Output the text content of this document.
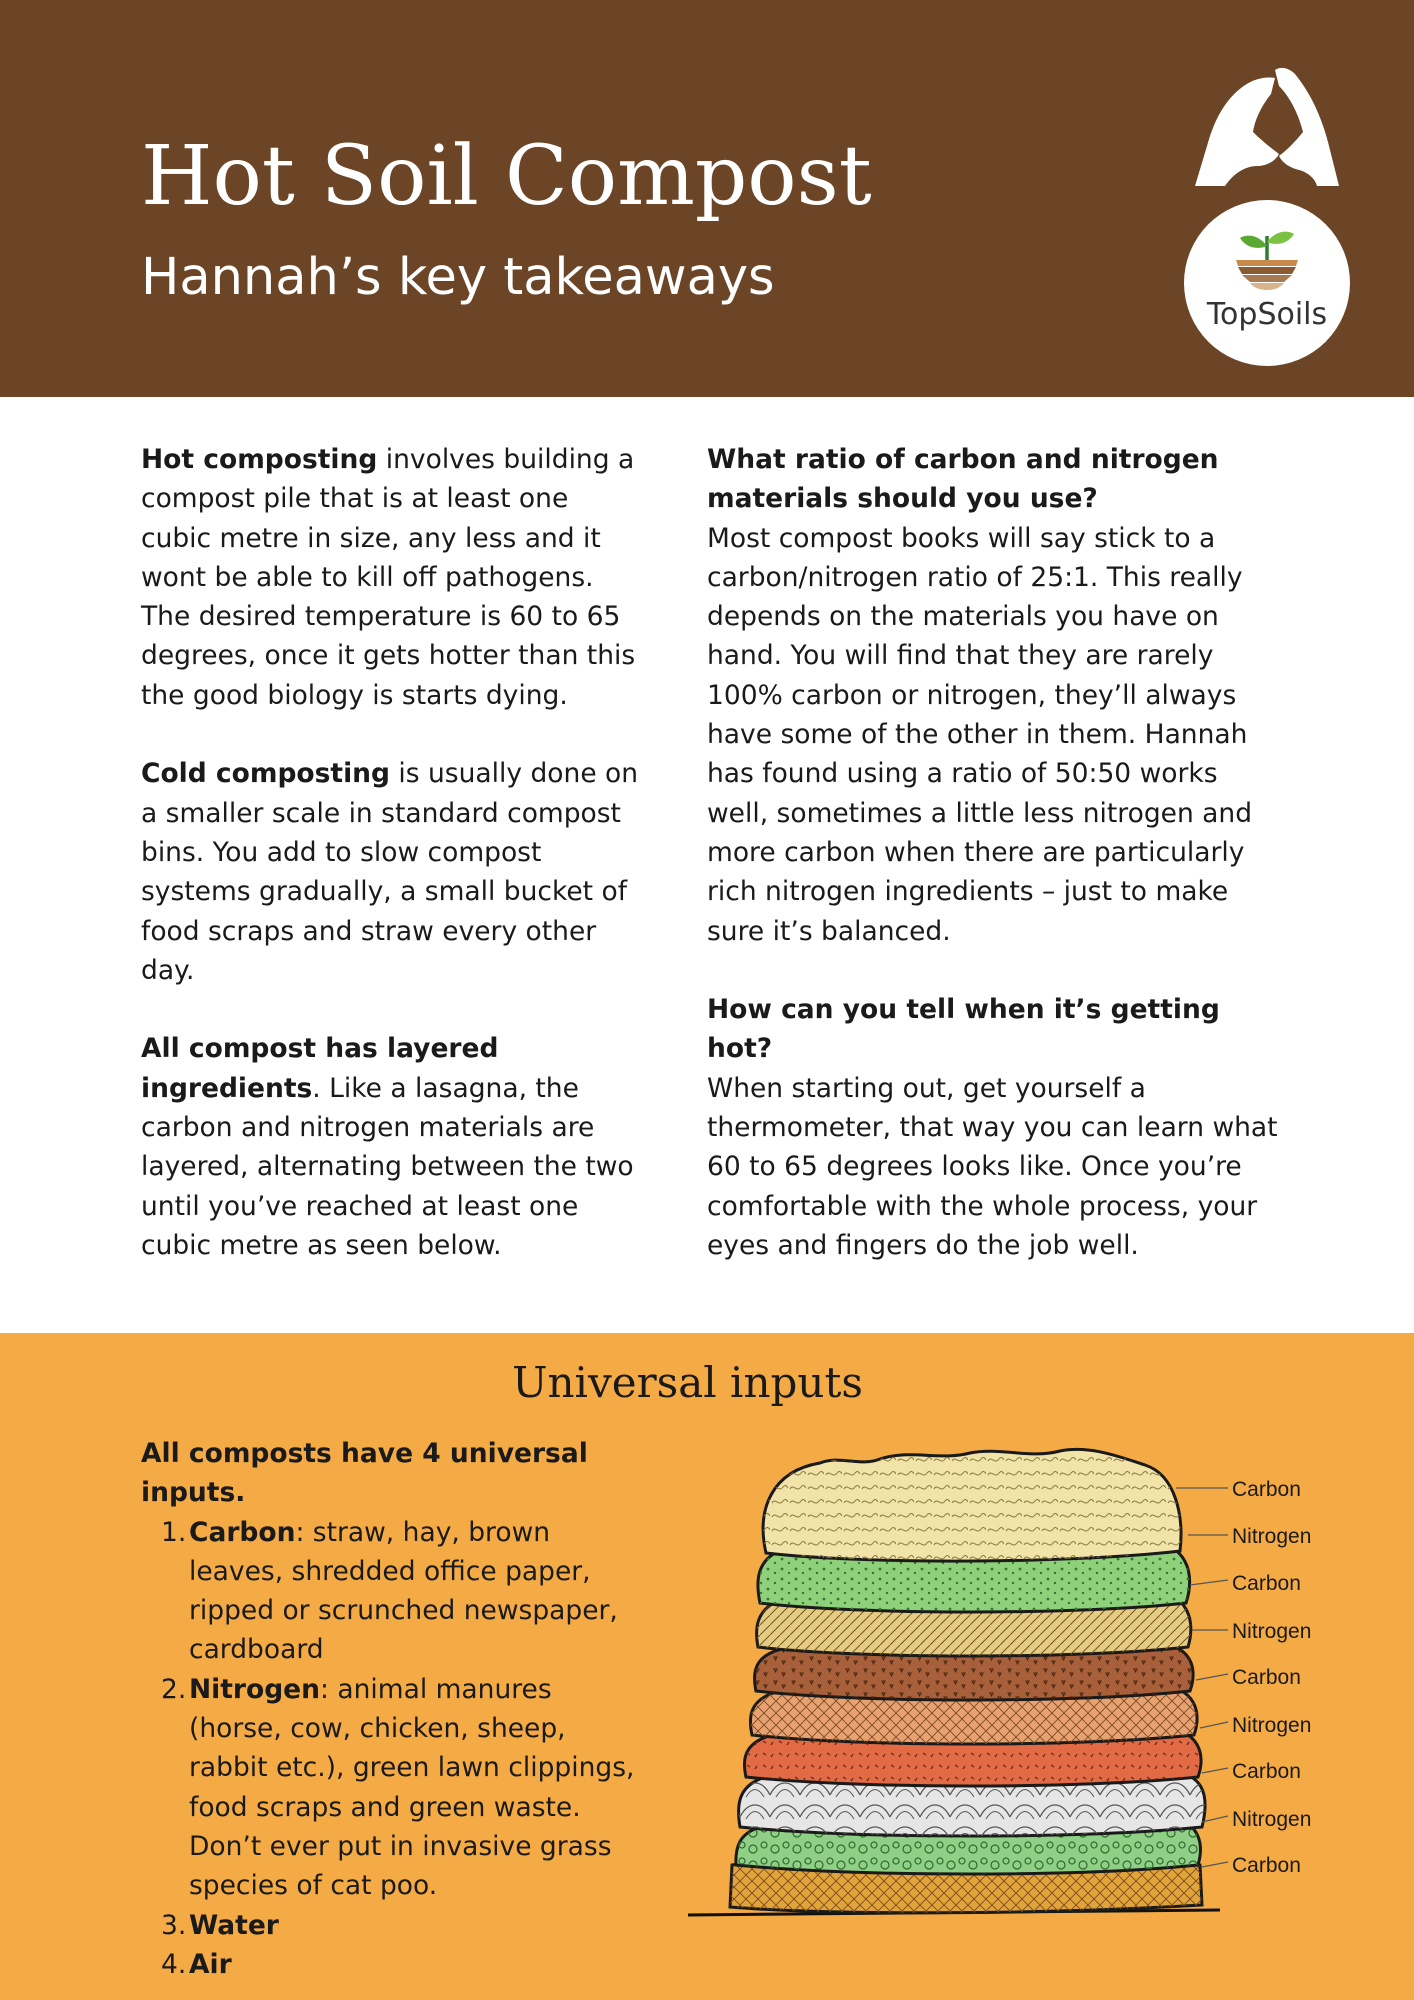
Hot Soil Compost
Hannah’s key takeaways
TopSoils

Hot composting involves building a compost pile that is at least one cubic metre in size, any less and it wont be able to kill off pathogens. The desired temperature is 60 to 65 degrees, once it gets hotter than this the good biology is starts dying.

Cold composting is usually done on a smaller scale in standard compost bins. You add to slow compost systems gradually, a small bucket of food scraps and straw every other day.

All compost has layered ingredients. Like a lasagna, the carbon and nitrogen materials are layered, alternating between the two until you’ve reached at least one cubic metre as seen below.

What ratio of carbon and nitrogen materials should you use?
Most compost books will say stick to a carbon/nitrogen ratio of 25:1. This really depends on the materials you have on hand. You will find that they are rarely 100% carbon or nitrogen, they’ll always have some of the other in them. Hannah has found using a ratio of 50:50 works well, sometimes a little less nitrogen and more carbon when there are particularly rich nitrogen ingredients – just to make sure it’s balanced.

How can you tell when it’s getting hot?
When starting out, get yourself a thermometer, that way you can learn what 60 to 65 degrees looks like. Once you’re comfortable with the whole process, your eyes and fingers do the job well.

Universal inputs

All composts have 4 universal inputs.

1. Carbon: straw, hay, brown leaves, shredded office paper, ripped or scrunched newspaper, cardboard
2. Nitrogen: animal manures (horse, cow, chicken, sheep, rabbit etc.), green lawn clippings, food scraps and green waste. Don’t ever put in invasive grass species of cat poo.
3. Water
4. Air
Carbon
Nitrogen
Carbon
Nitrogen
Carbon
Nitrogen
Carbon
Nitrogen
Carbon
